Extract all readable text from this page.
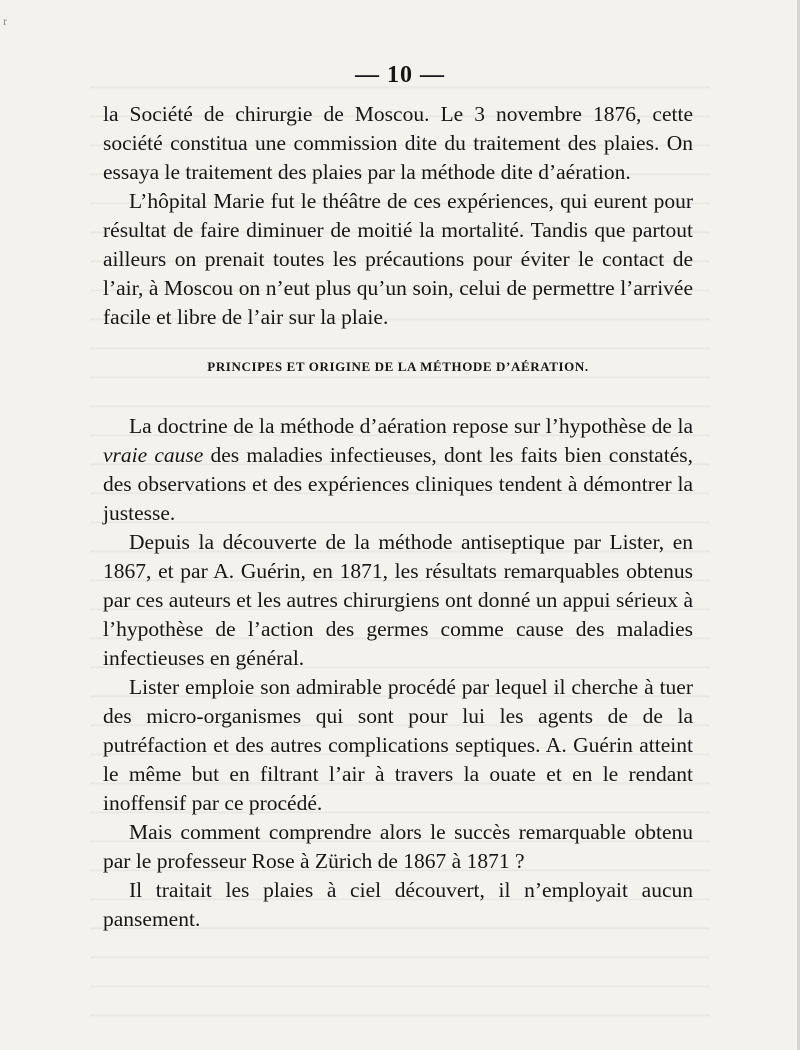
r
— 10 —

la Société de chirurgie de Moscou. Le 3 novembre 1876, cette société constitua une commission dite du traitement des plaies. On essaya le traitement des plaies par la méthode dite d’aération.

L’hôpital Marie fut le théâtre de ces expériences, qui eurent pour résultat de faire diminuer de moitié la mortalité. Tandis que partout ailleurs on prenait toutes les précautions pour éviter le contact de l’air, à Moscou on n’eut plus qu’un soin, celui de permettre l’arrivée facile et libre de l’air sur la plaie.

PRINCIPES ET ORIGINE DE LA MÉTHODE D’AÉRATION.

La doctrine de la méthode d’aération repose sur l’hypothèse de la vraie cause des maladies infectieuses, dont les faits bien constatés, des observations et des expériences cliniques tendent à démontrer la justesse.

Depuis la découverte de la méthode antiseptique par Lister, en 1867, et par A. Guérin, en 1871, les résultats remarquables obtenus par ces auteurs et les autres chirurgiens ont donné un appui sérieux à l’hypothèse de l’action des germes comme cause des maladies infectieuses en général.

Lister emploie son admirable procédé par lequel il cherche à tuer des micro-organismes qui sont pour lui les agents de de la putréfaction et des autres complications septiques. A. Guérin atteint le même but en filtrant l’air à travers la ouate et en le rendant inoffensif par ce procédé.

Mais comment comprendre alors le succès remarquable obtenu par le professeur Rose à Zürich de 1867 à 1871 ?

Il traitait les plaies à ciel découvert, il n’employait aucun pansement.
